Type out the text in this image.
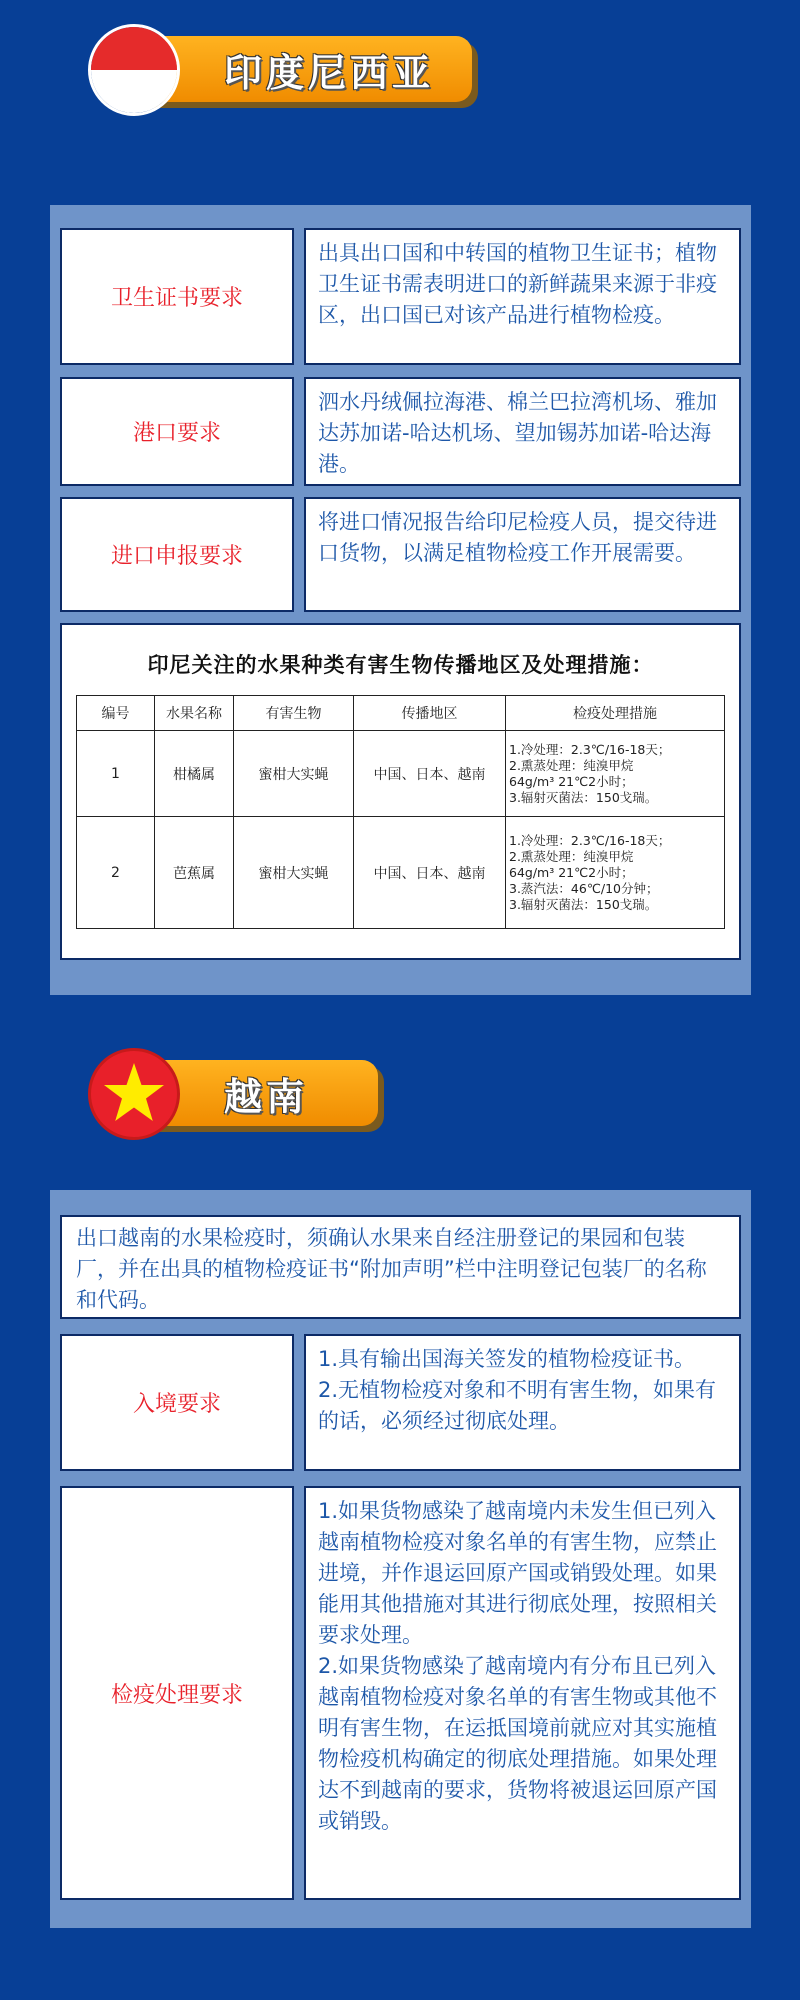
印度尼西亚
卫生证书要求

出具出口国和中转国的植物卫生证书；植物卫生证书需表明进口的新鲜蔬果来源于非疫区，出口国已对该产品进行植物检疫。

港口要求

泗水丹绒佩拉海港、棉兰巴拉湾机场、雅加达苏加诺-哈达机场、望加锡苏加诺-哈达海港。

进口申报要求

将进口情况报告给印尼检疫人员，提交待进口货物，以满足植物检疫工作开展需要。

印尼关注的水果种类有害生物传播地区及处理措施：
编号	水果名称	有害生物	传播地区	检疫处理措施
1	柑橘属	蜜柑大实蝇	中国、日本、越南	1.冷处理：2.3℃/16-18天；
2.熏蒸处理：纯溴甲烷
64g/m³ 21℃2小时；
3.辐射灭菌法：150戈瑞。

2	芭蕉属	蜜柑大实蝇	中国、日本、越南	1.冷处理：2.3℃/16-18天；
2.熏蒸处理：纯溴甲烷
64g/m³ 21℃2小时；
3.蒸汽法：46℃/10分钟；
3.辐射灭菌法：150戈瑞。
越南

出口越南的水果检疫时，须确认水果来自经注册登记的果园和包装厂，并在出具的植物检疫证书“附加声明”栏中注明登记包装厂的名称和代码。

入境要求

1.具有输出国海关签发的植物检疫证书。

2.无植物检疫对象和不明有害生物，如果有的话，必须经过彻底处理。

检疫处理要求

1.如果货物感染了越南境内未发生但已列入越南植物检疫对象名单的有害生物，应禁止进境，并作退运回原产国或销毁处理。如果能用其他措施对其进行彻底处理，按照相关要求处理。

2.如果货物感染了越南境内有分布且已列入越南植物检疫对象名单的有害生物或其他不明有害生物，在运抵国境前就应对其实施植物检疫机构确定的彻底处理措施。如果处理达不到越南的要求，货物将被退运回原产国或销毁。
